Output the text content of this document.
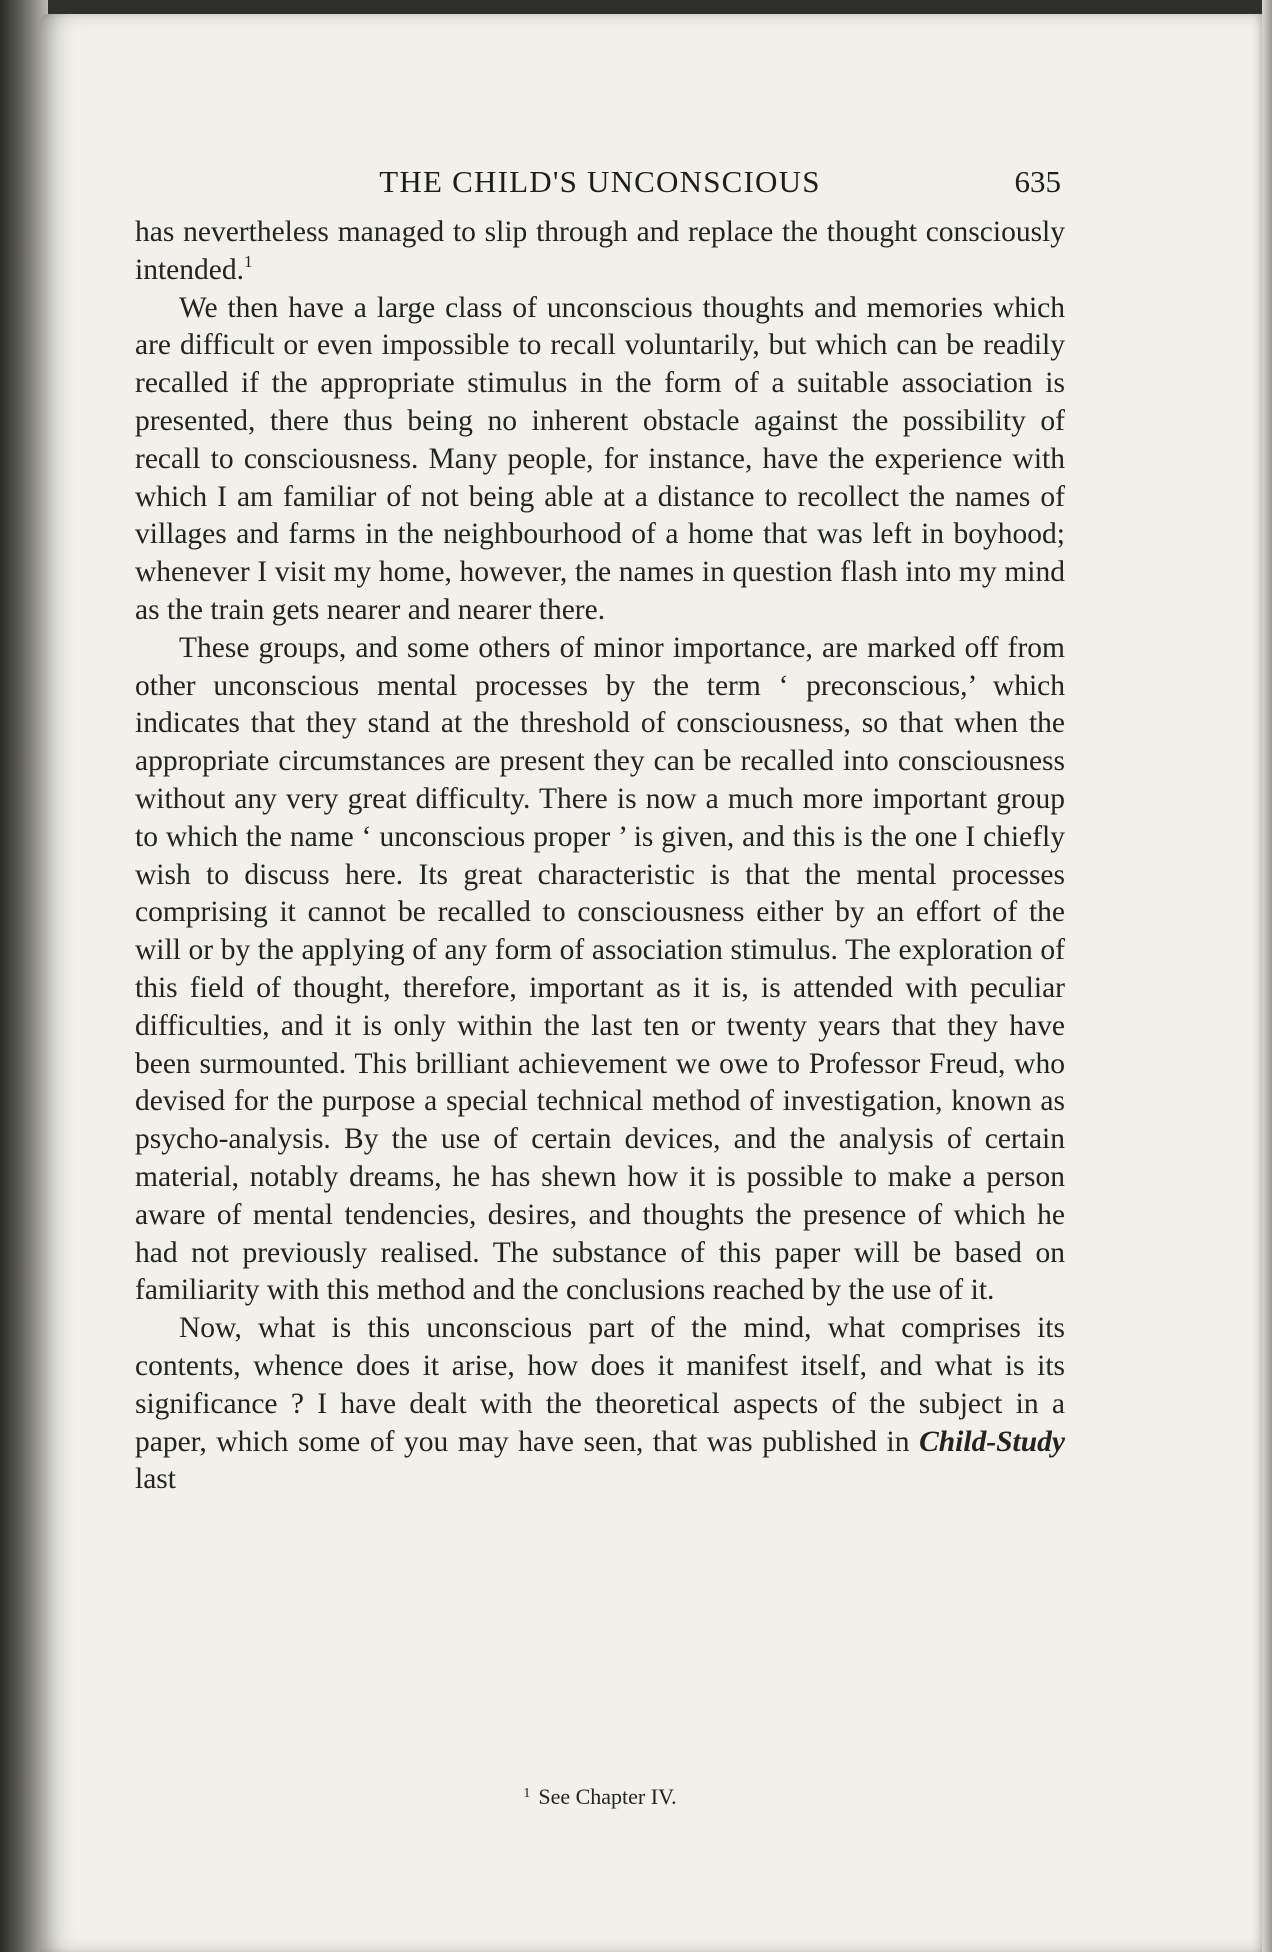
THE CHILD'S UNCONSCIOUS	635

has nevertheless managed to slip through and replace the thought consciously intended.$^1$

We then have a large class of unconscious thoughts and memories which are difficult or even impossible to recall voluntarily, but which can be readily recalled if the appropriate stimulus in the form of a suitable association is presented, there thus being no inherent obstacle against the possibility of recall to consciousness. Many people, for instance, have the experience with which I am familiar of not being able at a distance to recollect the names of villages and farms in the neighbourhood of a home that was left in boyhood; whenever I visit my home, however, the names in question flash into my mind as the train gets nearer and nearer there.

These groups, and some others of minor importance, are marked off from other unconscious mental processes by the term ‘ preconscious,’ which indicates that they stand at the threshold of consciousness, so that when the appropriate circumstances are present they can be recalled into consciousness without any very great difficulty. There is now a much more important group to which the name ‘ unconscious proper ’ is given, and this is the one I chiefly wish to discuss here. Its great characteristic is that the mental processes comprising it cannot be recalled to consciousness either by an effort of the will or by the applying of any form of association stimulus. The exploration of this field of thought, therefore, important as it is, is attended with peculiar difficulties, and it is only within the last ten or twenty years that they have been surmounted. This brilliant achievement we owe to Professor Freud, who devised for the purpose a special technical method of investigation, known as psycho-analysis. By the use of certain devices, and the analysis of certain material, notably dreams, he has shewn how it is possible to make a person aware of mental tendencies, desires, and thoughts the presence of which he had not previously realised. The substance of this paper will be based on familiarity with this method and the conclusions reached by the use of it.

Now, what is this unconscious part of the mind, what comprises its contents, whence does it arise, how does it manifest itself, and what is its significance ? I have dealt with the theoretical aspects of the subject in a paper, which some of you may have seen, that was published in Child-Study last

$^1$ See Chapter IV.
